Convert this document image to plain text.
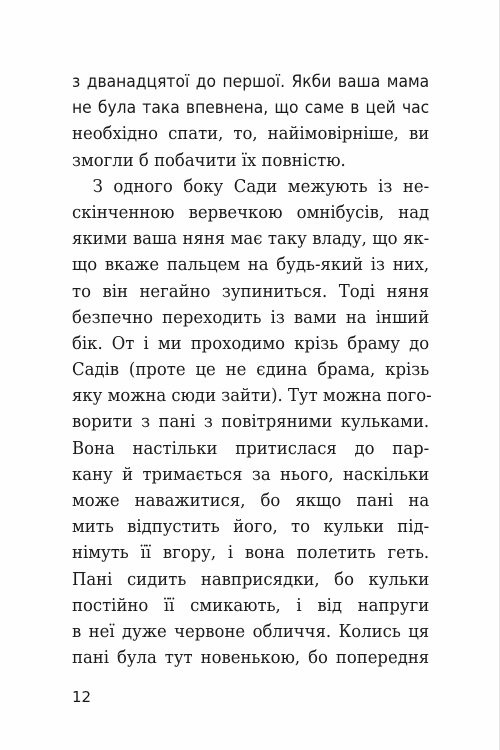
з дванадцятої до першої. Якби ваша мама
не була така впевнена, що саме в цей час
необхідно спати, то, найімовірніше, ви
змогли б побачити їх повністю.
З одного боку Сади межують із не-
скінченною вервечкою омнібусів, над
якими ваша няня має таку владу, що як-
що вкаже пальцем на будь-який із них,
то він негайно зупиниться. Тоді няня
безпечно переходить із вами на інший
бік. От і ми проходимо крізь браму до
Садів (проте це не єдина брама, крізь
яку можна сюди зайти). Тут можна пого-
ворити з пані з повітряними кульками.
Вона настільки притислася до пар-
кану й тримається за нього, наскільки
може наважитися, бо якщо пані на
мить відпустить його, то кульки під-
німуть її вгору, і вона полетить геть.
Пані сидить навприсядки, бо кульки
постійно її смикають, і від напруги
в неї дуже червоне обличчя. Колись ця
пані була тут новенькою, бо попередня
12
